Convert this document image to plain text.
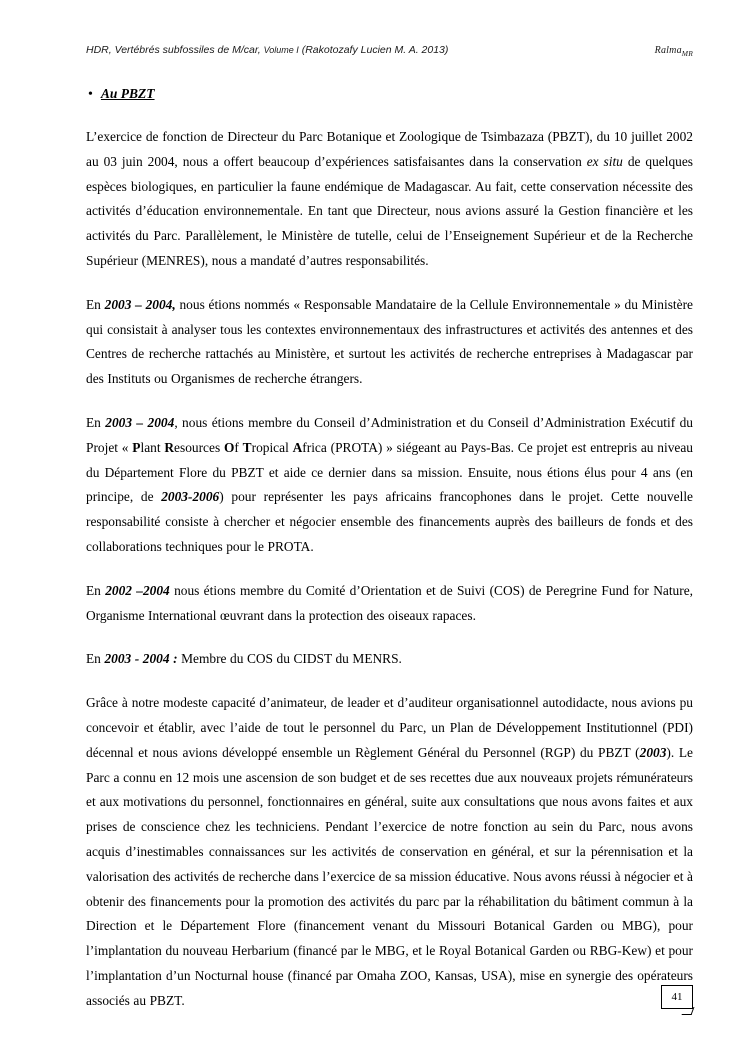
HDR, Vertébrés subfossiles de M/car, Volume I (Rakotozafy Lucien M. A. 2013)	Ralma$_{MR}$
• Au PBZT

L’exercice de fonction de Directeur du Parc Botanique et Zoologique de Tsimbazaza (PBZT), du 10 juillet 2002 au 03 juin 2004, nous a offert beaucoup d’expériences satisfaisantes dans la conservation ex situ de quelques espèces biologiques, en particulier la faune endémique de Madagascar. Au fait, cette conservation nécessite des activités d’éducation environnementale. En tant que Directeur, nous avions assuré la Gestion financière et les activités du Parc. Parallèlement, le Ministère de tutelle, celui de l’Enseignement Supérieur et de la Recherche Supérieur (MENRES), nous a mandaté d’autres responsabilités.

En 2003 – 2004, nous étions nommés « Responsable Mandataire de la Cellule Environnementale » du Ministère qui consistait à analyser tous les contextes environnementaux des infrastructures et activités des antennes et des Centres de recherche rattachés au Ministère, et surtout les activités de recherche entreprises à Madagascar par des Instituts ou Organismes de recherche étrangers.

En 2003 – 2004, nous étions membre du Conseil d’Administration et du Conseil d’Administration Exécutif du Projet « Plant Resources Of Tropical Africa (PROTA) » siégeant au Pays-Bas. Ce projet est entrepris au niveau du Département Flore du PBZT et aide ce dernier dans sa mission. Ensuite, nous étions élus pour 4 ans (en principe, de 2003-2006) pour représenter les pays africains francophones dans le projet. Cette nouvelle responsabilité consiste à chercher et négocier ensemble des financements auprès des bailleurs de fonds et des collaborations techniques pour le PROTA.

En 2002 –2004 nous étions membre du Comité d’Orientation et de Suivi (COS) de Peregrine Fund for Nature, Organisme International œuvrant dans la protection des oiseaux rapaces.

En 2003 - 2004 : Membre du COS du CIDST du MENRS.

Grâce à notre modeste capacité d’animateur, de leader et d’auditeur organisationnel autodidacte, nous avions pu concevoir et établir, avec l’aide de tout le personnel du Parc, un Plan de Développement Institutionnel (PDI) décennal et nous avions développé ensemble un Règlement Général du Personnel (RGP) du PBZT (2003). Le Parc a connu en 12 mois une ascension de son budget et de ses recettes due aux nouveaux projets rémunérateurs et aux motivations du personnel, fonctionnaires en général, suite aux consultations que nous avons faites et aux prises de conscience chez les techniciens. Pendant l’exercice de notre fonction au sein du Parc, nous avons acquis d’inestimables connaissances sur les activités de conservation en général, et sur la pérennisation et la valorisation des activités de recherche dans l’exercice de sa mission éducative. Nous avons réussi à négocier et à obtenir des financements pour la promotion des activités du parc par la réhabilitation du bâtiment commun à la Direction et le Département Flore (financement venant du Missouri Botanical Garden ou MBG), pour l’implantation du nouveau Herbarium (financé par le MBG, et le Royal Botanical Garden ou RBG-Kew) et pour l’implantation d’un Nocturnal house (financé par Omaha ZOO, Kansas, USA), mise en synergie des opérateurs associés au PBZT.	41
